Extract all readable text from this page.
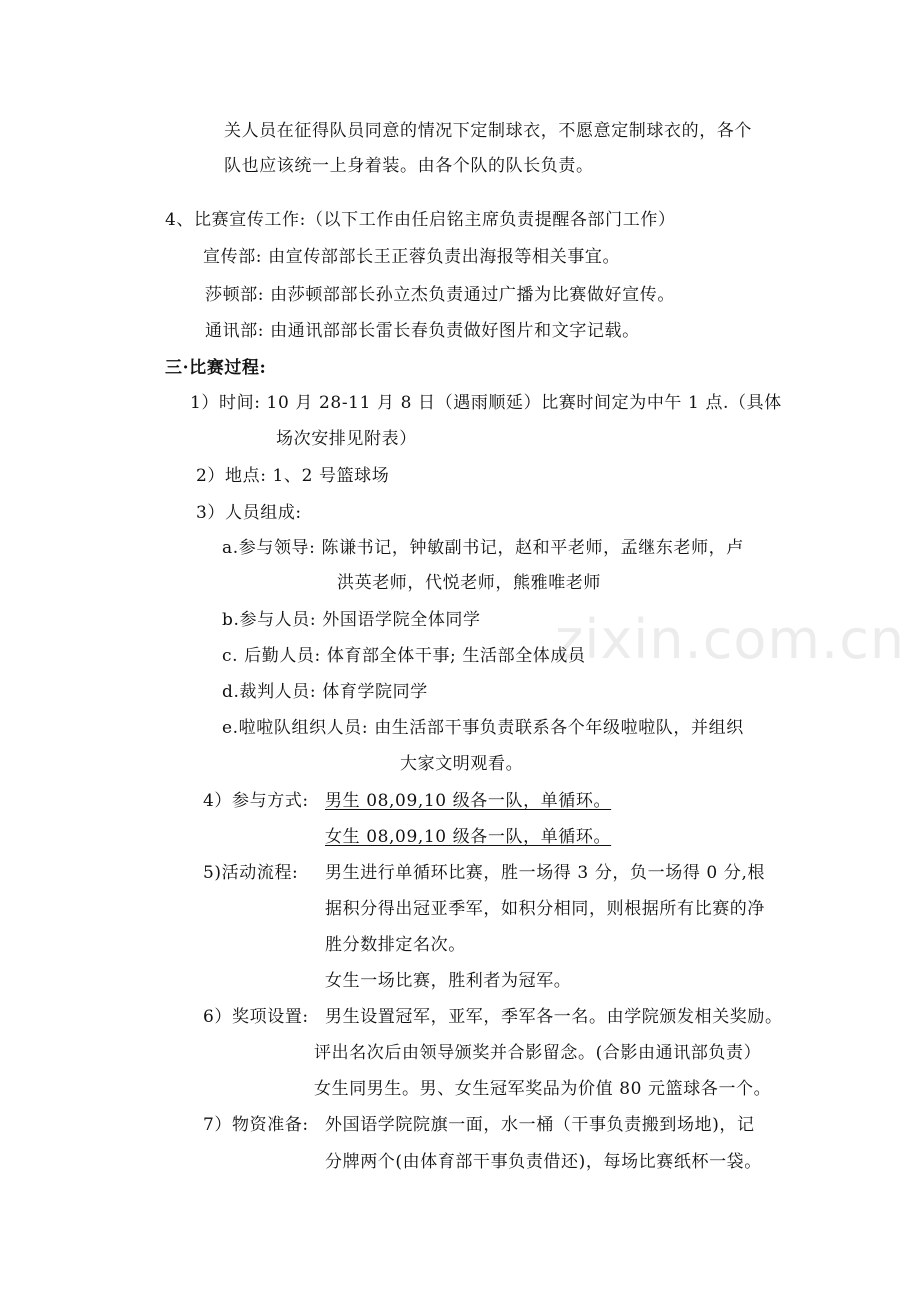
关人员在征得队员同意的情况下定制球衣，不愿意定制球衣的，各个
队也应该统一上身着装。由各个队的队长负责。
4、比赛宣传工作:（以下工作由任启铭主席负责提醒各部门工作）
宣传部: 由宣传部部长王正蓉负责出海报等相关事宜。
莎顿部: 由莎顿部部长孙立杰负责通过广播为比赛做好宣传。
通讯部: 由通讯部部长雷长春负责做好图片和文字记载。
三·比赛过程:
1）时间: 10 月 28-11 月 8 日（遇雨顺延）比赛时间定为中午 1 点.（具体
场次安排见附表）
2）地点: 1、2 号篮球场
3）人员组成:
a.参与领导: 陈谦书记，钟敏副书记，赵和平老师，孟继东老师，卢
洪英老师，代悦老师，熊雅唯老师
b.参与人员: 外国语学院全体同学
c. 后勤人员: 体育部全体干事; 生活部全体成员
d.裁判人员: 体育学院同学
e.啦啦队组织人员: 由生活部干事负责联系各个年级啦啦队，并组织
大家文明观看。
4）参与方式: 男生 08,09,10 级各一队，单循环。
女生 08,09,10 级各一队，单循环。
5)活动流程: 男生进行单循环比赛，胜一场得 3 分，负一场得 0 分,根
据积分得出冠亚季军，如积分相同，则根据所有比赛的净
胜分数排定名次。
女生一场比赛，胜利者为冠军。
6）奖项设置: 男生设置冠军，亚军，季军各一名。由学院颁发相关奖励。
评出名次后由领导颁奖并合影留念。(合影由通讯部负责）
女生同男生。男、女生冠军奖品为价值 80 元篮球各一个。
7）物资准备: 外国语学院院旗一面，水一桶（干事负责搬到场地)，记
分牌两个(由体育部干事负责借还)，每场比赛纸杯一袋。
zixin.com.cn
